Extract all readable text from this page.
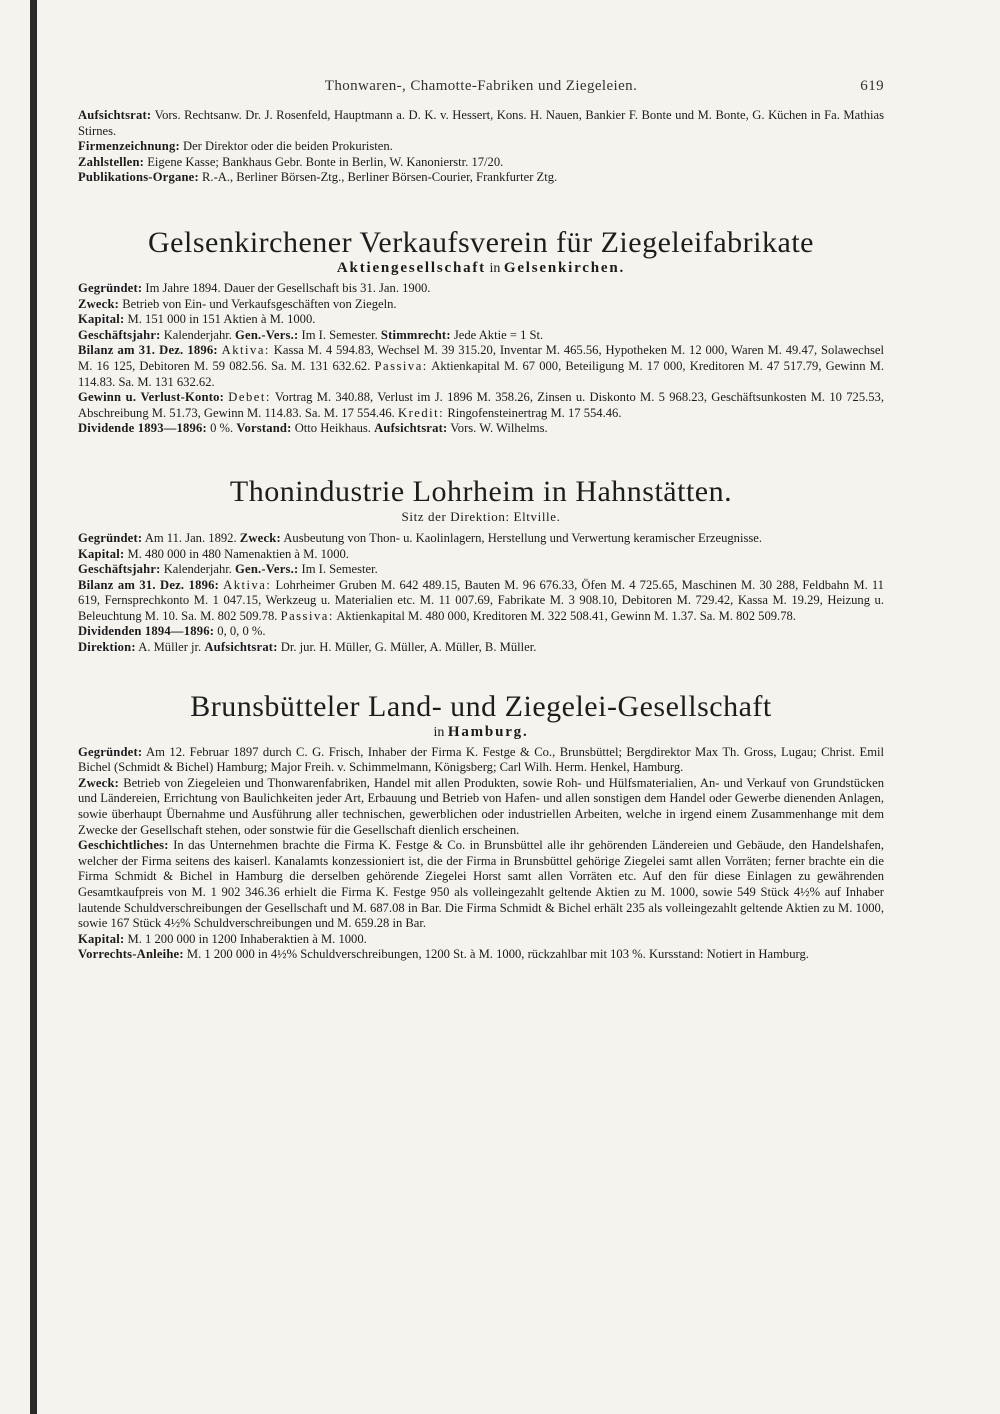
Thonwaren-, Chamotte-Fabriken und Ziegeleien.	619

Aufsichtsrat: Vors. Rechtsanw. Dr. J. Rosenfeld, Hauptmann a. D. K. v. Hessert, Kons. H. Nauen, Bankier F. Bonte und M. Bonte, G. Küchen in Fa. Mathias Stirnes.

Firmenzeichnung: Der Direktor oder die beiden Prokuristen.

Zahlstellen: Eigene Kasse; Bankhaus Gebr. Bonte in Berlin, W. Kanonierstr. 17/20.

Publikations-Organe: R.-A., Berliner Börsen-Ztg., Berliner Börsen-Courier, Frankfurter Ztg.

Gelsenkirchener Verkaufsverein für Ziegeleifabrikate
Aktiengesellschaft in Gelsenkirchen.

Gegründet: Im Jahre 1894. Dauer der Gesellschaft bis 31. Jan. 1900.

Zweck: Betrieb von Ein- und Verkaufsgeschäften von Ziegeln.

Kapital: M. 151 000 in 151 Aktien à M. 1000.

Geschäftsjahr: Kalenderjahr. Gen.-Vers.: Im I. Semester. Stimmrecht: Jede Aktie = 1 St.

Bilanz am 31. Dez. 1896: Aktiva: Kassa M. 4 594.83, Wechsel M. 39 315.20, Inventar M. 465.56, Hypotheken M. 12 000, Waren M. 49.47, Solawechsel M. 16 125, Debitoren M. 59 082.56. Sa. M. 131 632.62. Passiva: Aktienkapital M. 67 000, Beteiligung M. 17 000, Kreditoren M. 47 517.79, Gewinn M. 114.83. Sa. M. 131 632.62.

Gewinn u. Verlust-Konto: Debet: Vortrag M. 340.88, Verlust im J. 1896 M. 358.26, Zinsen u. Diskonto M. 5 968.23, Geschäftsunkosten M. 10 725.53, Abschreibung M. 51.73, Gewinn M. 114.83. Sa. M. 17 554.46. Kredit: Ringofensteinertrag M. 17 554.46.

Dividende 1893—1896: 0 %. Vorstand: Otto Heikhaus. Aufsichtsrat: Vors. W. Wilhelms.

Thonindustrie Lohrheim in Hahnstätten.
Sitz der Direktion: Eltville.

Gegründet: Am 11. Jan. 1892. Zweck: Ausbeutung von Thon- u. Kaolinlagern, Herstellung und Verwertung keramischer Erzeugnisse.

Kapital: M. 480 000 in 480 Namenaktien à M. 1000.

Geschäftsjahr: Kalenderjahr. Gen.-Vers.: Im I. Semester.

Bilanz am 31. Dez. 1896: Aktiva: Lohrheimer Gruben M. 642 489.15, Bauten M. 96 676.33, Öfen M. 4 725.65, Maschinen M. 30 288, Feldbahn M. 11 619, Fernsprechkonto M. 1 047.15, Werkzeug u. Materialien etc. M. 11 007.69, Fabrikate M. 3 908.10, Debitoren M. 729.42, Kassa M. 19.29, Heizung u. Beleuchtung M. 10. Sa. M. 802 509.78. Passiva: Aktienkapital M. 480 000, Kreditoren M. 322 508.41, Gewinn M. 1.37. Sa. M. 802 509.78.

Dividenden 1894—1896: 0, 0, 0 %.

Direktion: A. Müller jr. Aufsichtsrat: Dr. jur. H. Müller, G. Müller, A. Müller, B. Müller.

Brunsbütteler Land- und Ziegelei-Gesellschaft
in Hamburg.

Gegründet: Am 12. Februar 1897 durch C. G. Frisch, Inhaber der Firma K. Festge & Co., Brunsbüttel; Bergdirektor Max Th. Gross, Lugau; Christ. Emil Bichel (Schmidt & Bichel) Hamburg; Major Freih. v. Schimmelmann, Königsberg; Carl Wilh. Herm. Henkel, Hamburg.

Zweck: Betrieb von Ziegeleien und Thonwarenfabriken, Handel mit allen Produkten, sowie Roh- und Hülfsmaterialien, An- und Verkauf von Grundstücken und Ländereien, Errichtung von Baulichkeiten jeder Art, Erbauung und Betrieb von Hafen- und allen sonstigen dem Handel oder Gewerbe dienenden Anlagen, sowie überhaupt Übernahme und Ausführung aller technischen, gewerblichen oder industriellen Arbeiten, welche in irgend einem Zusammenhange mit dem Zwecke der Gesellschaft stehen, oder sonstwie für die Gesellschaft dienlich erscheinen.

Geschichtliches: In das Unternehmen brachte die Firma K. Festge & Co. in Brunsbüttel alle ihr gehörenden Ländereien und Gebäude, den Handelshafen, welcher der Firma seitens des kaiserl. Kanalamts konzessioniert ist, die der Firma in Brunsbüttel gehörige Ziegelei samt allen Vorräten; ferner brachte ein die Firma Schmidt & Bichel in Hamburg die derselben gehörende Ziegelei Horst samt allen Vorräten etc. Auf den für diese Einlagen zu gewährenden Gesamtkaufpreis von M. 1 902 346.36 erhielt die Firma K. Festge 950 als volleingezahlt geltende Aktien zu M. 1000, sowie 549 Stück 4½% auf Inhaber lautende Schuldverschreibungen der Gesellschaft und M. 687.08 in Bar. Die Firma Schmidt & Bichel erhält 235 als volleingezahlt geltende Aktien zu M. 1000, sowie 167 Stück 4½% Schuldverschreibungen und M. 659.28 in Bar.

Kapital: M. 1 200 000 in 1200 Inhaberaktien à M. 1000.

Vorrechts-Anleihe: M. 1 200 000 in 4½% Schuldverschreibungen, 1200 St. à M. 1000, rückzahlbar mit 103 %. Kursstand: Notiert in Hamburg.
